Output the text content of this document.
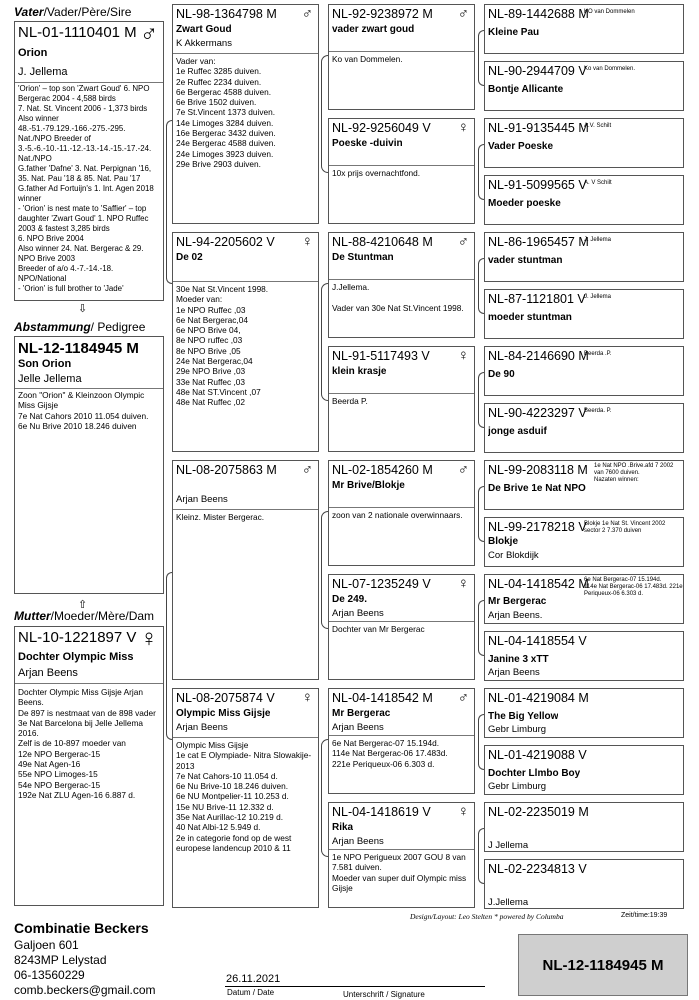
Vater/Vader/Père/Sire
Abstammung/ Pedigree
Mutter/Moeder/Mère/Dam
⇩
⇧
NL-01-1110401 M ♂
Orion
J. Jellema
'Orion' – top son 'Zwart Goud' 6. NPO Bergerac 2004 - 4,588 birds
7. Nat. St. Vincent 2006 - 1,373 birds Also winner 48.-51.-79.129.-166.-275.-295. Nat./NPO Breeder of 3.-5.-6.-10.-11.-12.-13.-14.-15.-17.-24. Nat./NPO
G.father 'Dafne' 3. Nat. Perpignan '16, 35. Nat. Pau '18 & 85. Nat. Pau '17 G.father Ad Fortuijn's 1. Int. Agen 2018 winner
- 'Orion' is nest mate to 'Saffier' – top daughter 'Zwart Goud' 1. NPO Ruffec 2003 & fastest 3,285 birds
6. NPO Brive 2004
Also winner 24. Nat. Bergerac & 29. NPO Brive 2003
Breeder of a/o 4.-7.-14.-18. NPO/National
- 'Orion' is full brother to 'Jade'
NL-12-1184945 M
Son Orion
Jelle Jellema
Zoon "Orion" & Kleinzoon Olympic Miss Gijsje
7e Nat Cahors 2010 11.054 duiven.
6e Nu Brive 2010 18.246 duiven
NL-10-1221897 V ♀
Dochter Olympic Miss
Arjan Beens
Dochter Olympic Miss Gijsje Arjan Beens.
De 897 is nestmaat van de 898 vader 3e Nat Barcelona bij Jelle Jellema 2016.
Zelf is de 10-897 moeder van
12e NPO Bergerac-15
49e Nat Agen-16
55e NPO Limoges-15
54e NPO Bergerac-15
192e Nat ZLU Agen-16 6.887 d.
NL-98-1364798 M ♂
Zwart Goud
K Akkermans
Vader van:
1e Ruffec 3285 duiven.
2e Ruffec 2234 duiven.
6e Bergerac 4588 duiven.
6e Brive 1502 duiven.
7e St.Vincent 1373 duiven.
14e Limoges 3284 duiven.
16e Bergerac 3432 duiven.
24e Bergerac 4588 duiven.
24e Limoges 3923 duiven.
29e Brive 2903 duiven.
NL-94-2205602 V ♀
De 02
30e Nat St.Vincent 1998.
Moeder van:
1e NPO Ruffec ,03
6e Nat Bergerac,04
6e NPO Brive 04,
8e NPO ruffec ,03
8e NPO Brive ,05
24e Nat Bergerac,04
29e NPO Brive ,03
33e Nat Ruffec ,03
48e Nat ST.Vincent ,07
48e Nat Ruffec ,02
NL-08-2075863 M ♂
Arjan Beens
Kleinz. Mister Bergerac.
NL-08-2075874 V ♀
Olympic Miss Gijsje
Arjan Beens
Olympic Miss Gijsje
1e cat E Olympiade- Nitra Slowakije-2013
7e Nat Cahors-10 11.054 d.
6e Nu Brive-10 18.246 duiven.
6e NU Montpelier-11 10.253 d.
15e NU Brive-11 12.332 d.
35e Nat Aurillac-12 10.219 d.
40 Nat Albi-12 5.949 d.
2e in categorie fond op de west europese landencup 2010 & 11
NL-92-9238972 M ♂
vader zwart goud
Ko van Dommelen.
NL-92-9256049 V ♀
Poeske -duivin
10x prijs overnachtfond.
NL-88-4210648 M ♂
De Stuntman
J.Jellema.

Vader van 30e Nat St.Vincent 1998.
NL-91-5117493 V ♀
klein krasje
Beerda P.
NL-02-1854260 M ♂
Mr Brive/Blokje
zoon van 2 nationale overwinnaars.
NL-07-1235249 V ♀
De 249.
Arjan Beens
Dochter van Mr Bergerac
NL-04-1418542 M ♂
Mr Bergerac
Arjan Beens
6e Nat Bergerac-07 15.194d.
114e Nat Bergerac-06 17.483d.
221e Periqueux-06 6.303 d.
NL-04-1418619 V ♀
Rika
Arjan Beens
1e NPO Perigueux 2007 GOU 8 van 7.581 duiven.
Moeder van super duif Olympic miss Gijsje
NL-89-1442688 M
KO van Dommelen
Kleine Pau
NL-90-2944709 V
Ko van Dommelen.
Bontje Allicante
NL-91-9135445 M
A.V. Schilt
Vader Poeske
NL-91-5099565 V
A. V Schilt
Moeder poeske
NL-86-1965457 M
J. Jellema
vader stuntman
NL-87-1121801 V
J. Jellema
moeder stuntman
NL-84-2146690 M
Beerda .P.
De 90
NL-90-4223297 V
Beerda. P.
jonge asduif
NL-99-2083118 M 1e Nat NPO .Brive.afd 7 2002 van 7600 duiven.
Nazaten winnen:
De Brive 1e Nat NPO
NL-99-2178218 V
Blokje 1e Nat St. Vincent 2002 sector 2 7.370 duiven
Blokje
Cor Blokdijk
NL-04-1418542 M
6e Nat Bergerac-07 15.194d.
114e Nat Bergerac-06 17.483d. 221e Periqueux-06 6.303 d.
Mr Bergerac
Arjan Beens.
NL-04-1418554 V
Janine 3 xTT
Arjan Beens
NL-01-4219084 M
The Big Yellow
Gebr Limburg
NL-01-4219088 V
Dochter Llmbo Boy
Gebr Limburg
NL-02-2235019 M
J Jellema
NL-02-2234813 V
J.Jellema
Design/Layout: Leo Stelten * powered by Columba	Zeit/time:19:39
Combinatie Beckers
Galjoen 601
8243MP Lelystad
06-13560229
comb.beckers@gmail.com
26.11.2021
Datum / Date	Unterschrift / Signature
NL-12-1184945 M
